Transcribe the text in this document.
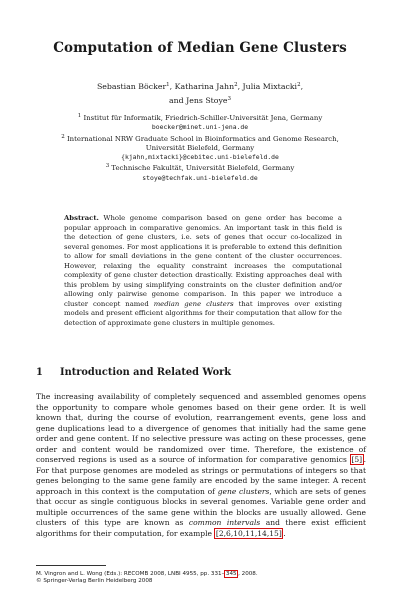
Computation of Median Gene Clusters
Sebastian Böcker$^1$, Katharina Jahn$^2$, Julia Mixtacki$^2$,
and Jens Stoye$^3$
$^1$ Institut für Informatik, Friedrich-Schiller-Universität Jena, Germany
boecker@minet.uni-jena.de
$^2$ International NRW Graduate School in Bioinformatics and Genome Research,
Universität Bielefeld, Germany
{kjahn,mixtacki}@cebitec.uni-bielefeld.de
$^3$ Technische Fakultät, Universität Bielefeld, Germany
stoye@techfak.uni-bielefeld.de
Abstract. Whole genome comparison based on gene order has become a popular approach in comparative genomics. An important task in this field is the detection of gene clusters, i.e. sets of genes that occur co-localized in several genomes. For most applications it is preferable to extend this definition to allow for small deviations in the gene content of the cluster occurrences. However, relaxing the equality constraint increases the computational complexity of gene cluster detection drastically. Existing approaches deal with this problem by using simplifying constraints on the cluster definition and/or allowing only pairwise genome comparison. In this paper we introduce a cluster concept named median gene clusters that improves over existing models and present efficient algorithms for their computation that allow for the detection of approximate gene clusters in multiple genomes.
1 Introduction and Related Work
The increasing availability of completely sequenced and assembled genomes opens the opportunity to compare whole genomes based on their gene order. It is well known that, during the course of evolution, rearrangement events, gene loss and gene duplications lead to a divergence of genomes that initially had the same gene order and gene content. If no selective pressure was acting on these processes, gene order and content would be randomized over time. Therefore, the existence of conserved regions is used as a source of information for comparative genomics [5] . For that purpose genomes are modeled as strings or permutations of integers so that genes belonging to the same gene family are encoded by the same integer. A recent approach in this context is the computation of gene clusters, which are sets of genes that occur as single contiguous blocks in several genomes. Variable gene order and multiple occurrences of the same gene within the blocks are usually allowed. Gene clusters of this type are known as common intervals and there exist efficient algorithms for their computation, for example [2,6,10,11,14,15] .
M. Vingron and L. Wong (Eds.): RECOMB 2008, LNBI 4955, pp. 331– 345 , 2008.
© Springer-Verlag Berlin Heidelberg 2008
